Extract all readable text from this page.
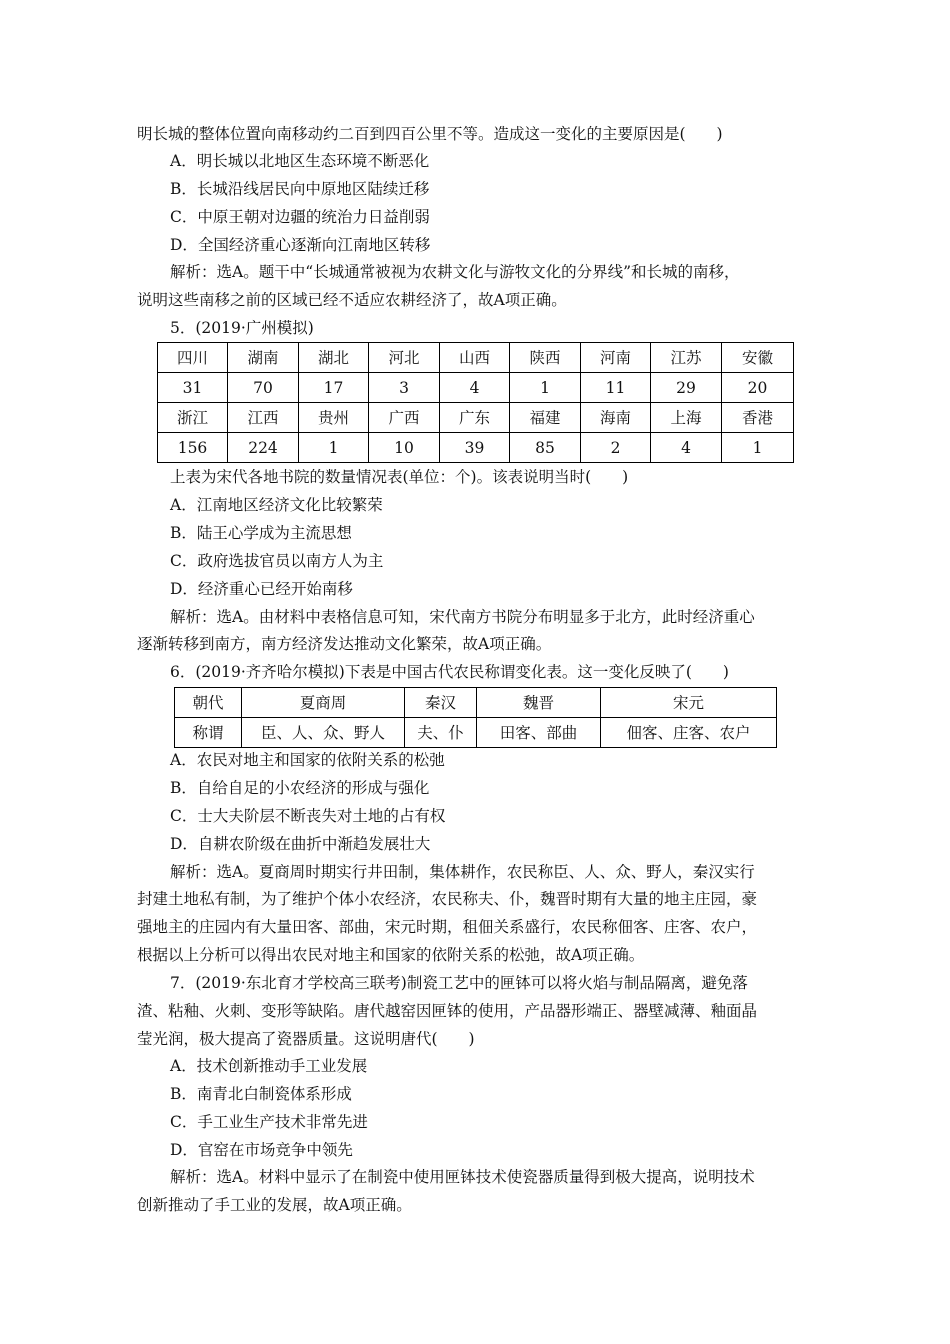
明长城的整体位置向南移动约二百到四百公里不等。造成这一变化的主要原因是(　　)
A．明长城以北地区生态环境不断恶化
B．长城沿线居民向中原地区陆续迁移
C．中原王朝对边疆的统治力日益削弱
D．全国经济重心逐渐向江南地区转移
解析：选A。题干中“长城通常被视为农耕文化与游牧文化的分界线”和长城的南移，
说明这些南移之前的区域已经不适应农耕经济了，故A项正确。
5．(2019·广州模拟)
四川	湖南	湖北	河北	山西	陕西	河南	江苏	安徽
31	70	17	3	4	1	11	29	20
浙江	江西	贵州	广西	广东	福建	海南	上海	香港
156	224	1	10	39	85	2	4	1
上表为宋代各地书院的数量情况表(单位：个)。该表说明当时(　　)
A．江南地区经济文化比较繁荣
B．陆王心学成为主流思想
C．政府选拔官员以南方人为主
D．经济重心已经开始南移
解析：选A。由材料中表格信息可知，宋代南方书院分布明显多于北方，此时经济重心
逐渐转移到南方，南方经济发达推动文化繁荣，故A项正确。
6．(2019·齐齐哈尔模拟)下表是中国古代农民称谓变化表。这一变化反映了(　　)
朝代	夏商周	秦汉	魏晋	宋元
称谓	臣、人、众、野人	夫、仆	田客、部曲	佃客、庄客、农户
A．农民对地主和国家的依附关系的松弛
B．自给自足的小农经济的形成与强化
C．士大夫阶层不断丧失对土地的占有权
D．自耕农阶级在曲折中渐趋发展壮大
解析：选A。夏商周时期实行井田制，集体耕作，农民称臣、人、众、野人，秦汉实行
封建土地私有制，为了维护个体小农经济，农民称夫、仆，魏晋时期有大量的地主庄园，豪
强地主的庄园内有大量田客、部曲，宋元时期，租佃关系盛行，农民称佃客、庄客、农户，
根据以上分析可以得出农民对地主和国家的依附关系的松弛，故A项正确。
7．(2019·东北育才学校高三联考)制瓷工艺中的匣钵可以将火焰与制品隔离，避免落
渣、粘釉、火刺、变形等缺陷。唐代越窑因匣钵的使用，产品器形端正、器壁减薄、釉面晶
莹光润，极大提高了瓷器质量。这说明唐代(　　)
A．技术创新推动手工业发展
B．南青北白制瓷体系形成
C．手工业生产技术非常先进
D．官窑在市场竞争中领先
解析：选A。材料中显示了在制瓷中使用匣钵技术使瓷器质量得到极大提高，说明技术
创新推动了手工业的发展，故A项正确。
